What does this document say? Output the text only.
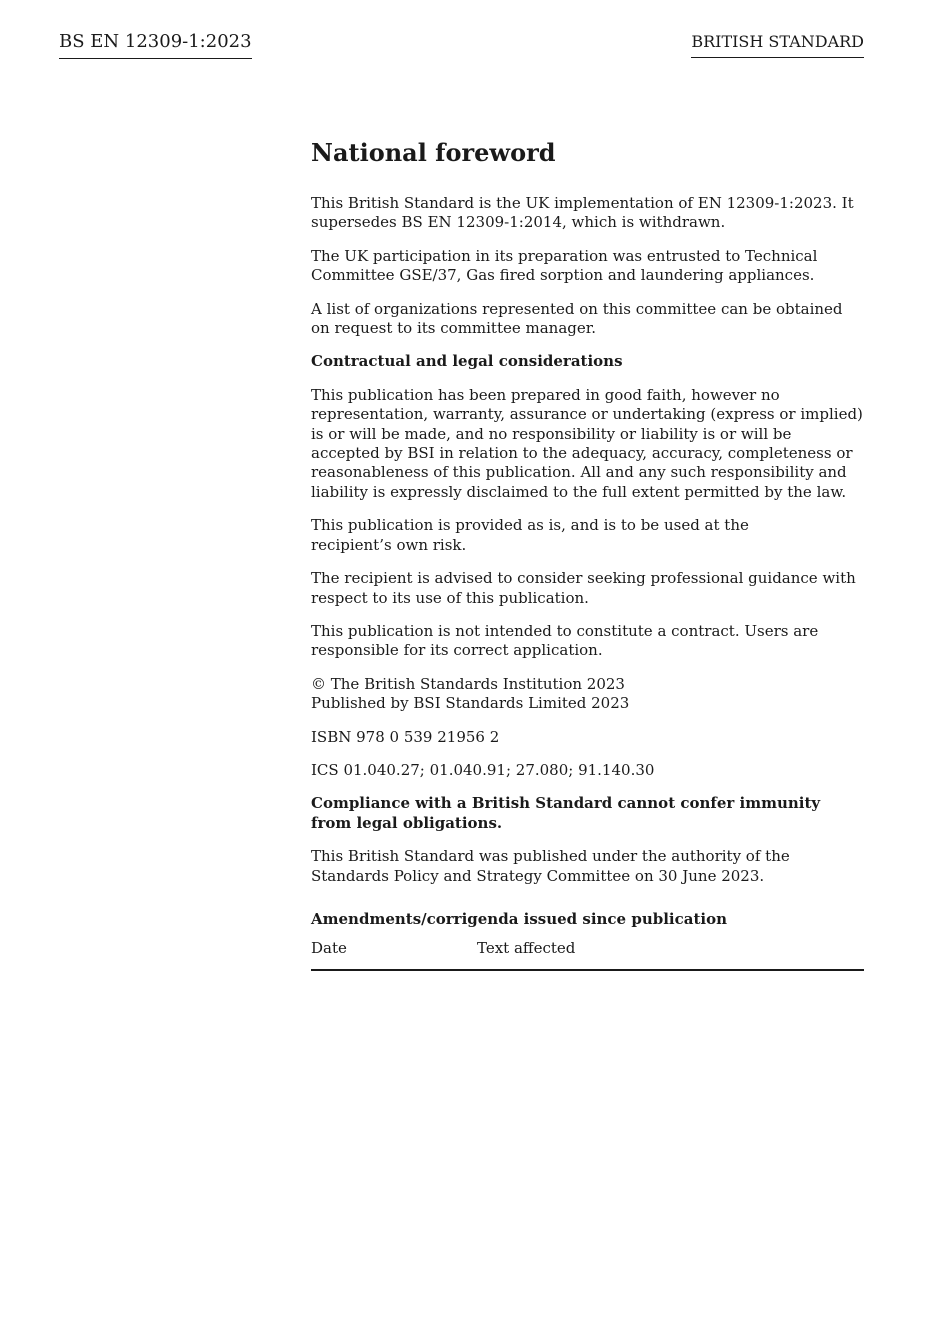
BS EN 12309-1:2023	BRITISH STANDARD
National foreword

This British Standard is the UK implementation of EN 12309-1:2023. It supersedes BS EN 12309-1:2014, which is withdrawn.

The UK participation in its preparation was entrusted to Technical Committee GSE/37, Gas fired sorption and laundering appliances.

A list of organizations represented on this committee can be obtained on request to its committee manager.

Contractual and legal considerations

This publication has been prepared in good faith, however no representation, warranty, assurance or undertaking (express or implied) is or will be made, and no responsibility or liability is or will be accepted by BSI in relation to the adequacy, accuracy, completeness or reasonableness of this publication. All and any such responsibility and liability is expressly disclaimed to the full extent permitted by the law.

This publication is provided as is, and is to be used at the
recipient’s own risk.

The recipient is advised to consider seeking professional guidance with respect to its use of this publication.

This publication is not intended to constitute a contract. Users are responsible for its correct application.

© The British Standards Institution 2023
Published by BSI Standards Limited 2023

ISBN 978 0 539 21956 2

ICS 01.040.27; 01.040.91; 27.080; 91.140.30

Compliance with a British Standard cannot confer immunity from legal obligations.

This British Standard was published under the authority of the Standards Policy and Strategy Committee on 30 June 2023.

Amendments/corrigenda issued since publication
Date	Text affected
